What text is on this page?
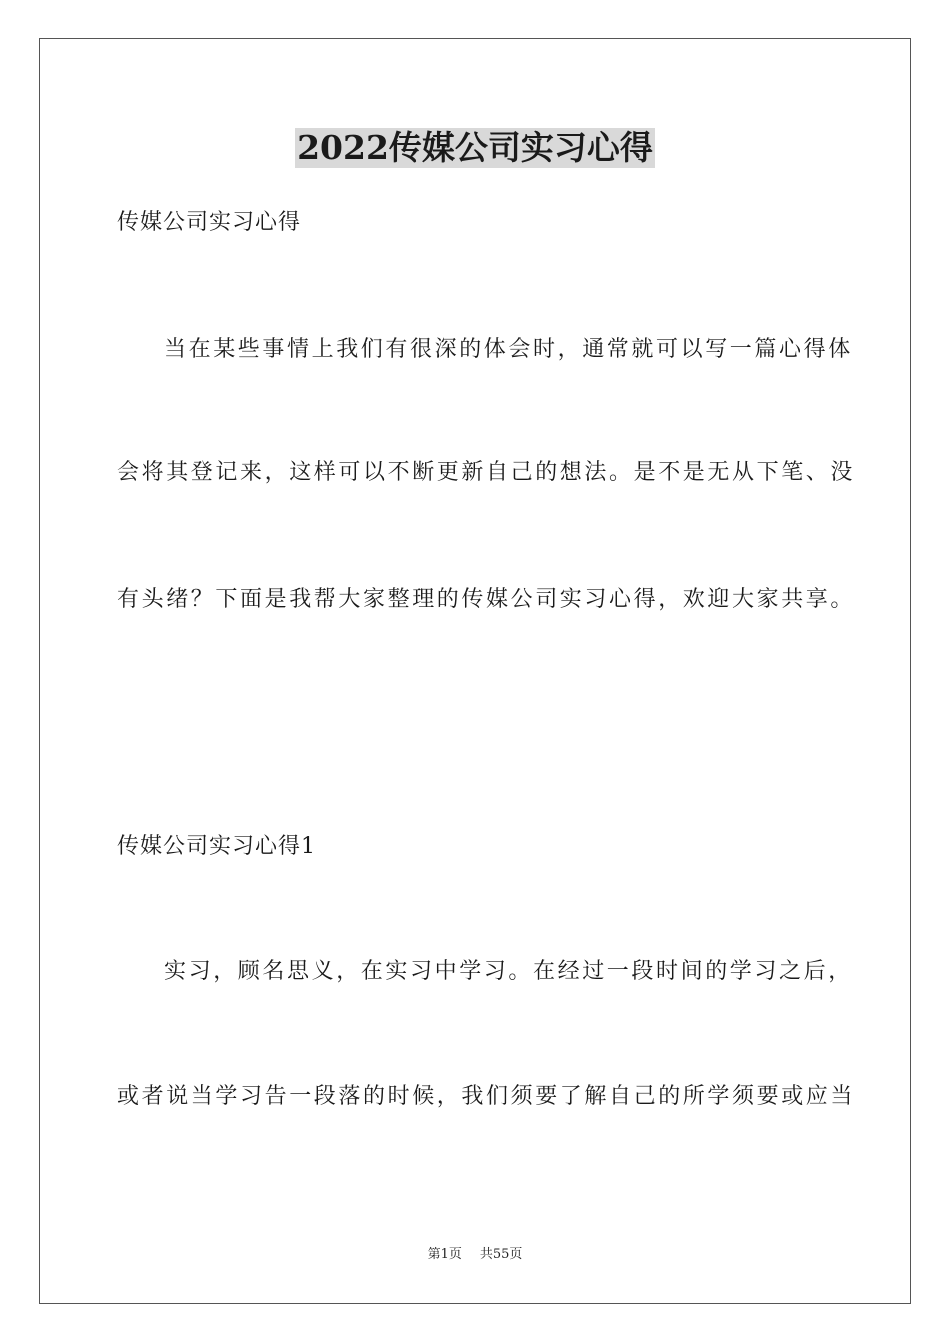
2022传媒公司实习心得
传媒公司实习心得
当在某些事情上我们有很深的体会时，通常就可以写一篇心得体
会将其登记来，这样可以不断更新自己的想法。是不是无从下笔、没
有头绪？下面是我帮大家整理的传媒公司实习心得，欢迎大家共享。
传媒公司实习心得1
实习，顾名思义，在实习中学习。在经过一段时间的学习之后，
或者说当学习告一段落的时候，我们须要了解自己的所学须要或应当
第1页 共55页
